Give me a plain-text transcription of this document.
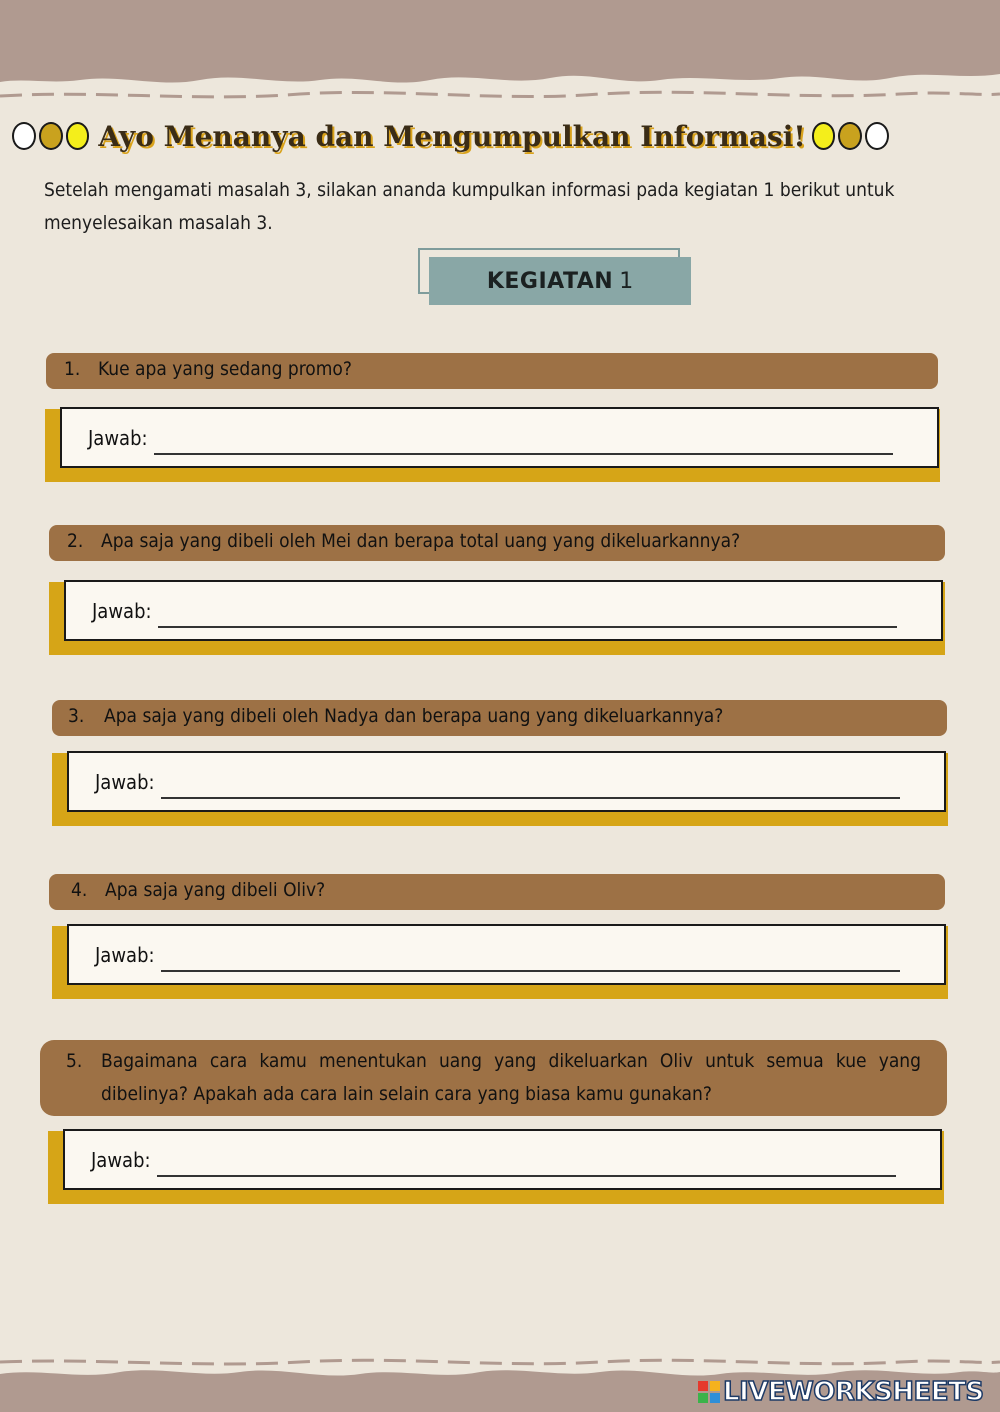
Ayo Menanya dan Mengumpulkan Informasi!

Setelah mengamati masalah 3, silakan ananda kumpulkan informasi pada kegiatan 1 berikut untuk menyelesaikan masalah 3.

KEGIATAN 1
1. Kue apa yang sedang promo?
Jawab:
2. Apa saja yang dibeli oleh Mei dan berapa total uang yang dikeluarkannya?
Jawab:
3. Apa saja yang dibeli oleh Nadya dan berapa uang yang dikeluarkannya?
Jawab:
4. Apa saja yang dibeli Oliv?
Jawab:
5. Bagaimana cara kamu menentukan uang yang dikeluarkan Oliv untuk semua kue yang dibelinya? Apakah ada cara lain selain cara yang biasa kamu gunakan?
Jawab:
LIVEWORKSHEETS
